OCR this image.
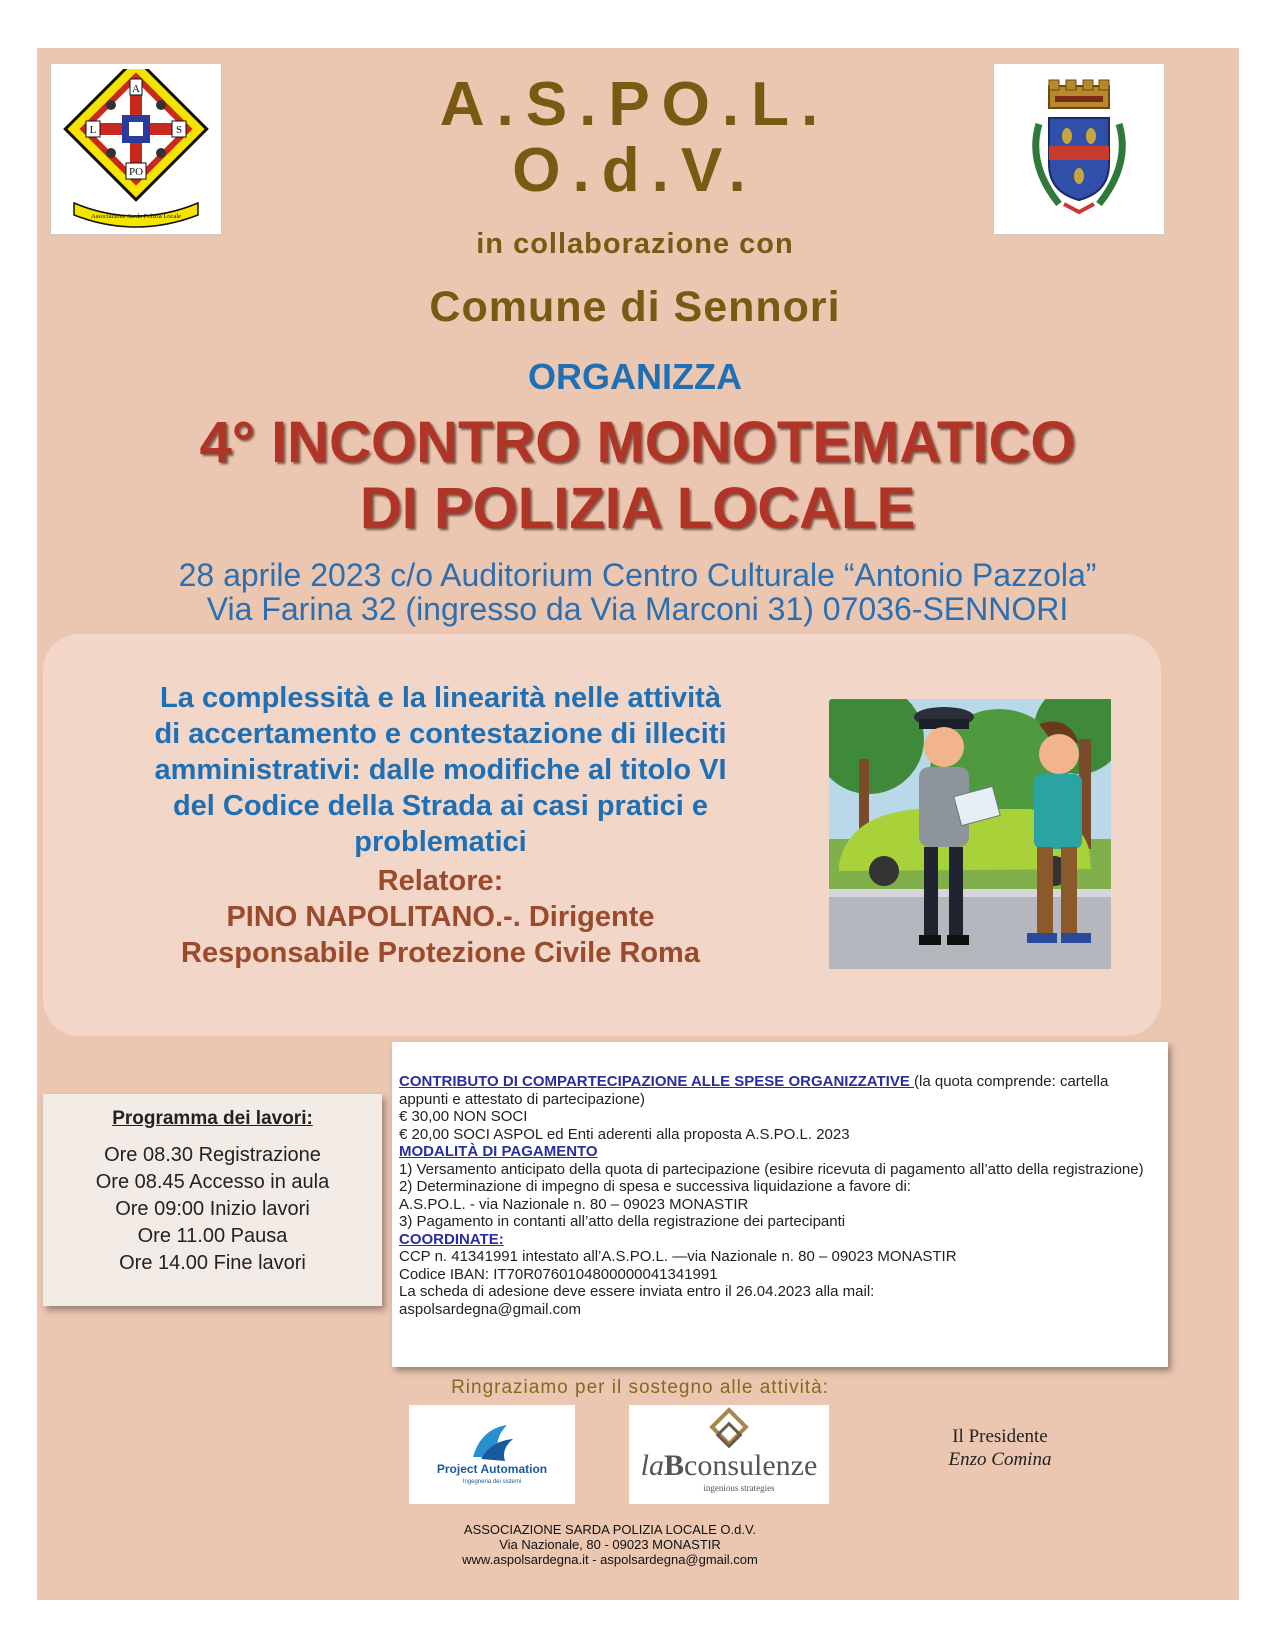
A
L	S
PO
Associazione Sarda Polizia Locale
A.S.PO.L.
O.d.V.
in collaborazione con
Comune di Sennori
ORGANIZZA
4° INCONTRO MONOTEMATICO
DI POLIZIA LOCALE
28 aprile 2023 c/o Auditorium Centro Culturale “Antonio Pazzola”
Via Farina 32 (ingresso da Via Marconi 31) 07036-SENNORI
La complessità e la linearità nelle attività
di accertamento e contestazione di illeciti
amministrativi: dalle modifiche al titolo VI
del Codice della Strada ai casi pratici e
problematici
Relatore:
PINO NAPOLITANO.-. Dirigente
Responsabile Protezione Civile Roma
Programma dei lavori:
Ore 08.30 Registrazione
Ore 08.45 Accesso in aula
Ore 09:00 Inizio lavori
Ore 11.00 Pausa
Ore 14.00 Fine lavori
CONTRIBUTO DI COMPARTECIPAZIONE ALLE SPESE ORGANIZZATIVE (la quota comprende: cartella appunti e attestato di partecipazione)
€ 30,00 NON SOCI
€ 20,00 SOCI ASPOL ed Enti aderenti alla proposta A.S.PO.L. 2023
MODALITÀ DI PAGAMENTO
1) Versamento anticipato della quota di partecipazione (esibire ricevuta di pagamento all’atto della registrazione)
2) Determinazione di impegno di spesa e successiva liquidazione a favore di:
A.S.PO.L. - via Nazionale n. 80 – 09023 MONASTIR
3) Pagamento in contanti all’atto della registrazione dei partecipanti
COORDINATE:
CCP n. 41341991 intestato all’A.S.PO.L. —via Nazionale n. 80 – 09023 MONASTIR
Codice IBAN: IT70R0760104800000041341991
La scheda di adesione deve essere inviata entro il 26.04.2023 alla mail:
aspolsardegna@gmail.com
Ringraziamo per il sostegno alle attività:
Project Automation
Ingegneria dei sistemi	laBconsulenze
ingenious strategies
Il Presidente
Enzo Comina
ASSOCIAZIONE SARDA POLIZIA LOCALE O.d.V.
Via Nazionale, 80 - 09023 MONASTIR
www.aspolsardegna.it - aspolsardegna@gmail.com
